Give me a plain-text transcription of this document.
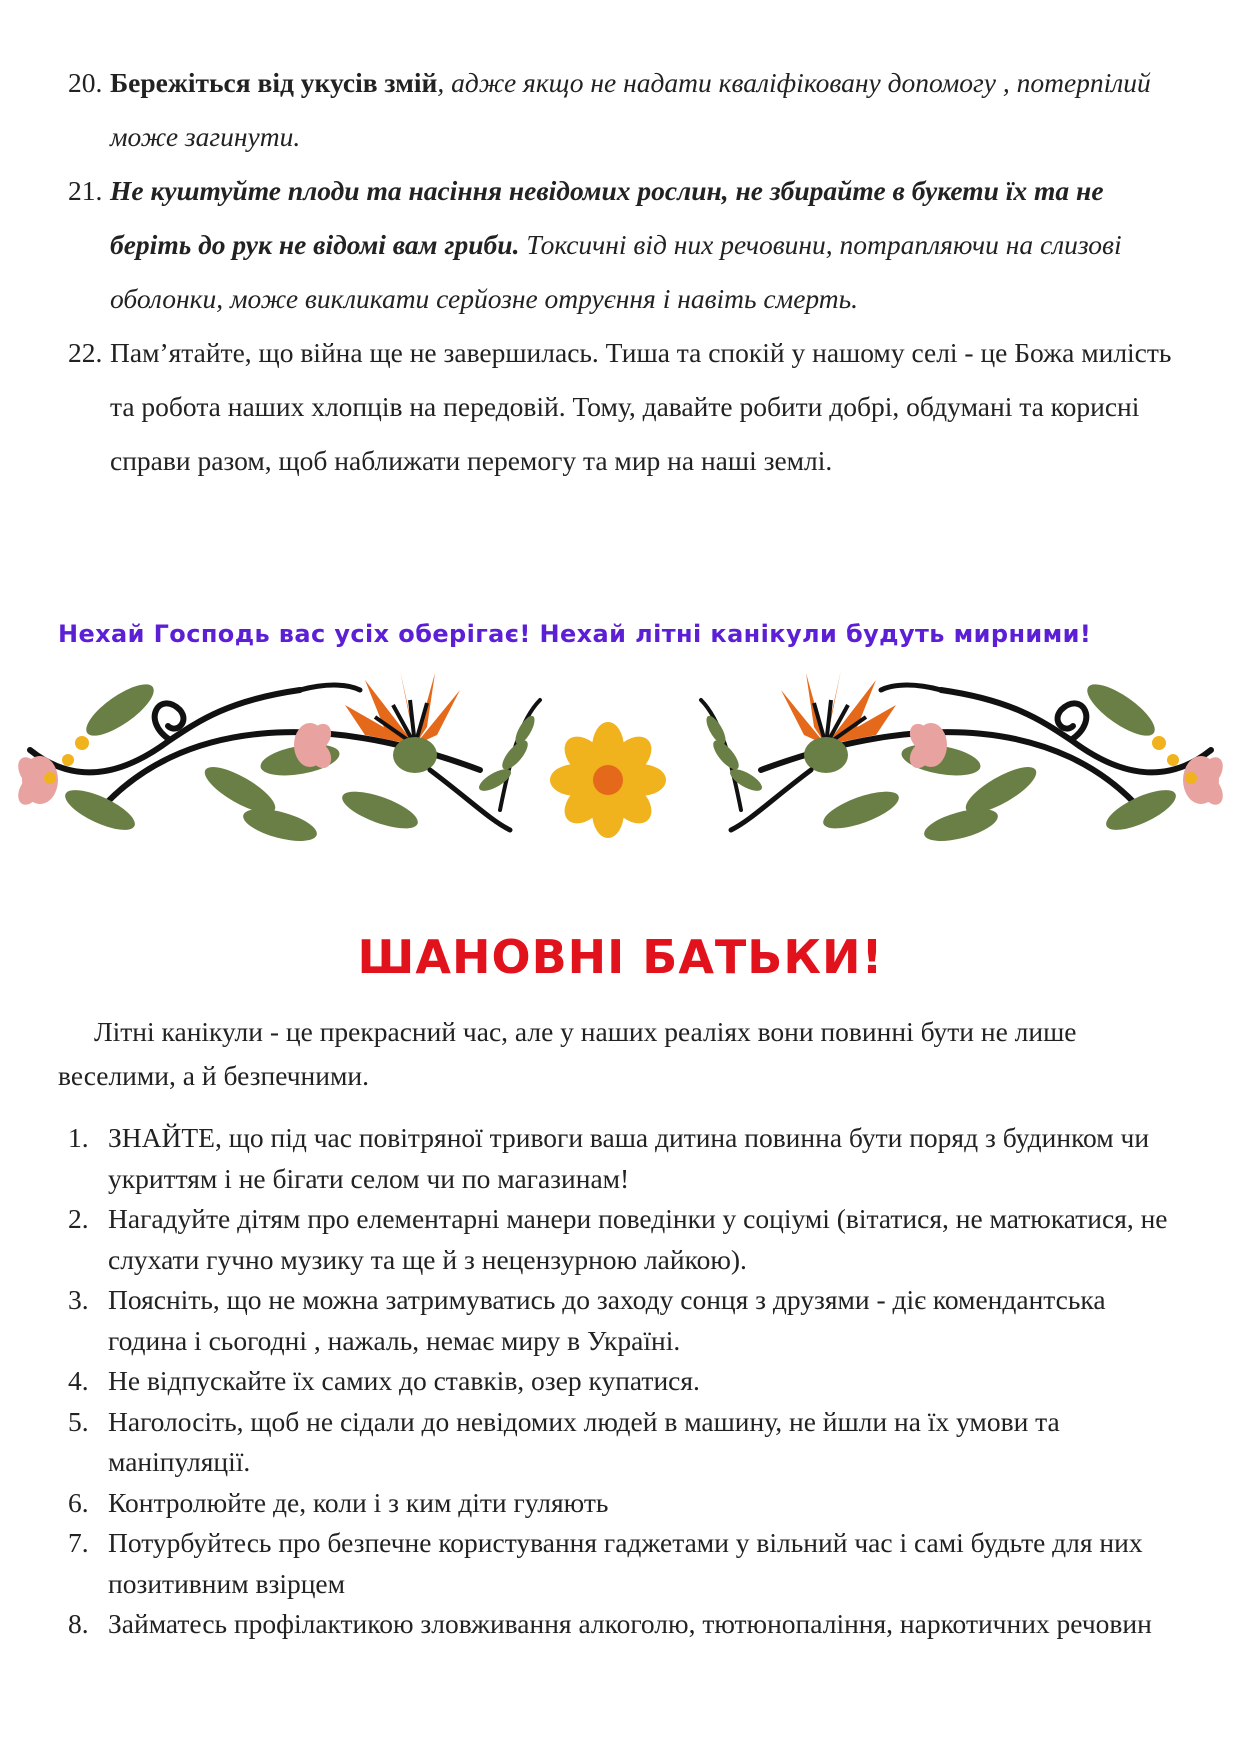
20. Бережіться від укусів змій, адже якщо не надати кваліфіковану допомогу , потерпілий може загинути.
21. Не куштуйте плоди та насіння невідомих рослин, не збирайте в букети їх та не беріть до рук не відомі вам гриби. Токсичні від них речовини, потрапляючи на слизові оболонки, може викликати серйозне отруєння і навіть смерть.
22. Пам’ятайте, що війна ще не завершилась. Тиша та спокій у нашому селі - це Божа милість та робота наших хлопців на передовій. Тому, давайте робити добрі, обдумані та корисні справи разом, щоб наближати перемогу та мир на наші землі.
Нехай Господь вас усіх оберігає! Нехай літні канікули будуть мирними!
ШАНОВНІ БАТЬКИ!

Літні канікули - це прекрасний час, але у наших реаліях вони повинні бути не лише веселими, а й безпечними.

1. ЗНАЙТЕ, що під час повітряної тривоги ваша дитина повинна бути поряд з будинком чи укриттям і не бігати селом чи по магазинам!
2. Нагадуйте дітям про елементарні манери поведінки у соціумі (вітатися, не матюкатися, не слухати гучно музику та ще й з нецензурною лайкою).
3. Поясніть, що не можна затримуватись до заходу сонця з друзями - діє комендантська година і сьогодні , нажаль, немає миру в Україні.
4. Не відпускайте їх самих до ставків, озер купатися.
5. Наголосіть, щоб не сідали до невідомих людей в машину, не йшли на їх умови та маніпуляції.
6. Контролюйте де, коли і з ким діти гуляють
7. Потурбуйтесь про безпечне користування гаджетами у вільний час і самі будьте для них позитивним взірцем
8. Займатесь профілактикою зловживання алкоголю, тютюнопаління, наркотичних речовин
